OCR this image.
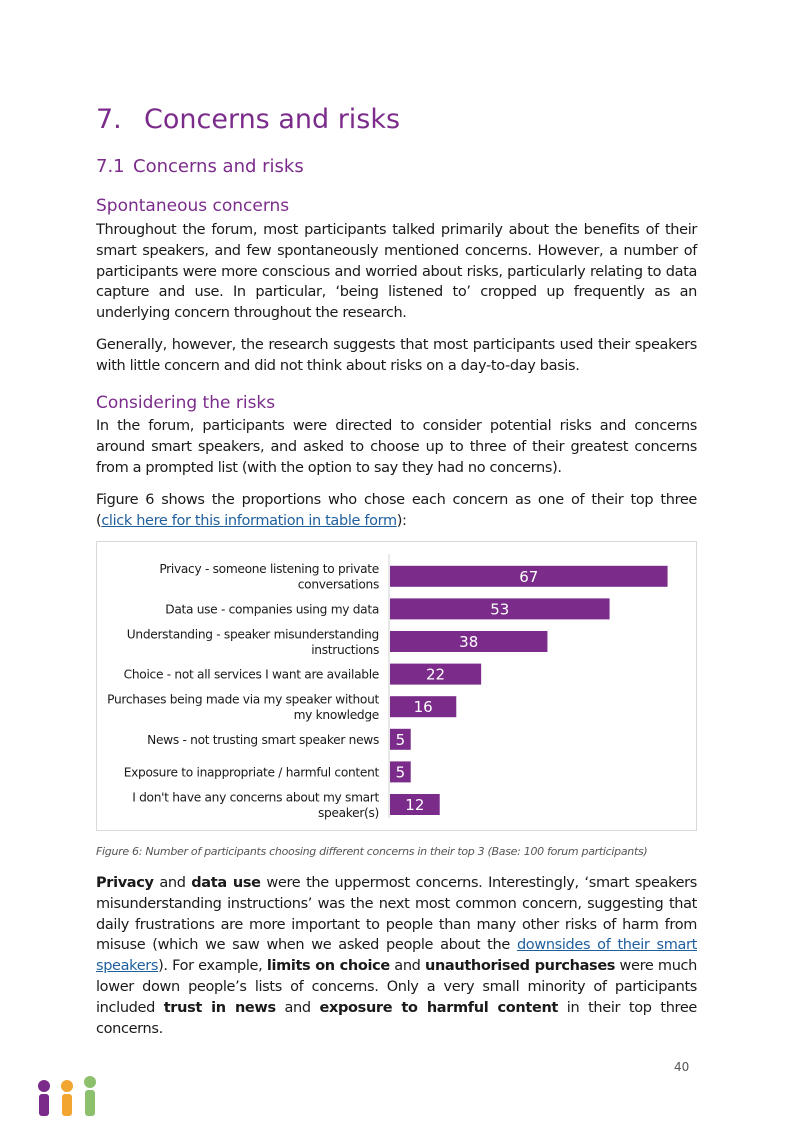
7. Concerns and risks
7.1 Concerns and risks
Spontaneous concerns

Throughout the forum, most participants talked primarily about the benefits of their smart speakers, and few spontaneously mentioned concerns. However, a number of participants were more conscious and worried about risks, particularly relating to data capture and use. In particular, ‘being listened to’ cropped up frequently as an underlying concern throughout the research.

Generally, however, the research suggests that most participants used their speakers with little concern and did not think about risks on a day-to-day basis.

Considering the risks

In the forum, participants were directed to consider potential risks and concerns around smart speakers, and asked to choose up to three of their greatest concerns from a prompted list (with the option to say they had no concerns).

Figure 6 shows the proportions who chose each concern as one of their top three (click here for this information in table form):

67
Privacy - someone listening to private conversations
53
Data use - companies using my data
38
Understanding - speaker misunderstanding instructions
22
Choice - not all services I want are available
16
Purchases being made via my speaker without my knowledge
5
News - not trusting smart speaker news
5
Exposure to inappropriate / harmful content
12
I don't have any concerns about my smart speaker(s)

Figure 6: Number of participants choosing different concerns in their top 3 (Base: 100 forum participants)

Privacy and data use were the uppermost concerns. Interestingly, ‘smart speakers misunderstanding instructions’ was the next most common concern, suggesting that daily frustrations are more important to people than many other risks of harm from misuse (which we saw when we asked people about the downsides of their smart speakers). For example, limits on choice and unauthorised purchases were much lower down people’s lists of concerns. Only a very small minority of participants included trust in news and exposure to harmful content in their top three concerns.

40
